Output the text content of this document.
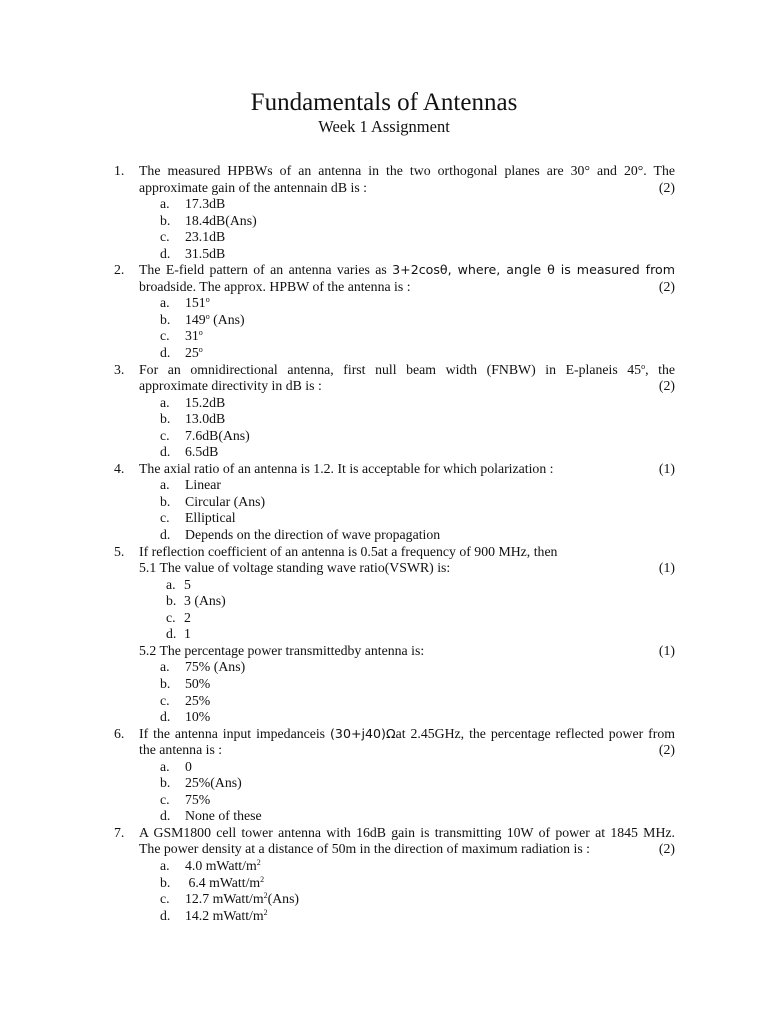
Fundamentals of Antennas
Week 1 Assignment
1. The measured HPBWs of an antenna in the two orthogonal planes are 30° and 20°. The
approximate gain of the antennain dB is :	(2)
a. 17.3dB
b. 18.4dB(Ans)
c. 23.1dB
d. 31.5dB
2. The E-field pattern of an antenna varies as 3+2cosθ, where, angle θ is measured from
broadside. The approx. HPBW of the antenna is :	(2)
a. 151$^o$
b. 149$^o$ (Ans)
c. 31$^o$
d. 25$^o$
3. For an omnidirectional antenna, first null beam width (FNBW) in E-planeis 45$^o$, the
approximate directivity in dB is :	(2)
a. 15.2dB
b. 13.0dB
c. 7.6dB(Ans)
d. 6.5dB
4. The axial ratio of an antenna is 1.2. It is acceptable for which polarization :	(1)
a. Linear
b. Circular (Ans)
c. Elliptical
d. Depends on the direction of wave propagation
5. If reflection coefficient of an antenna is 0.5at a frequency of 900 MHz, then
5.1 The value of voltage standing wave ratio(VSWR) is:	(1)
a. 5
b. 3 (Ans)
c. 2
d. 1
5.2 The percentage power transmittedby antenna is:	(1)
a. 75% (Ans)
b. 50%
c. 25%
d. 10%
6. If the antenna input impedanceis (30+j40)Ωat 2.45GHz, the percentage reflected power from
the antenna is :	(2)
a. 0
b. 25%(Ans)
c. 75%
d. None of these
7. A GSM1800 cell tower antenna with 16dB gain is transmitting 10W of power at 1845 MHz.
The power density at a distance of 50m in the direction of maximum radiation is :	(2)
a. 4.0 mWatt/$m^2$
b. 6.4 mWatt/$m^2$
c. 12.7 mWatt/$m^2(Ans)$
d. 14.2 mWatt/$m^2$
